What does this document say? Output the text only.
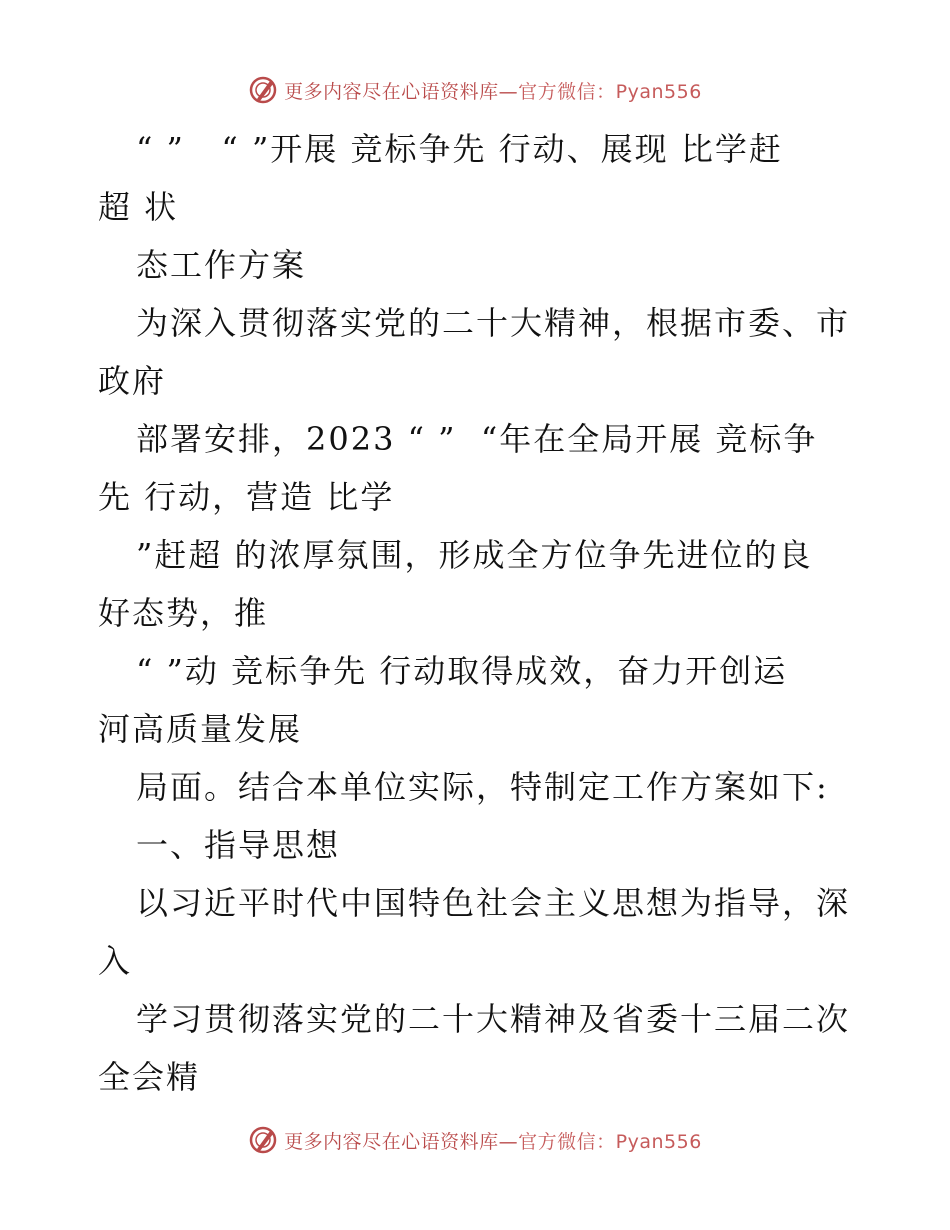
更多内容尽在心语资料库—官方微信：Pyan556
“ ”   “ ”开展 竞标争先 行动、展现 比学赶
超 状
态工作方案
为深入贯彻落实党的二十大精神，根据市委、市
政府
部署安排，2023 “ ”  “年在全局开展 竞标争
先 行动，营造 比学
”赶超 的浓厚氛围，形成全方位争先进位的良
好态势，推
“ ”动 竞标争先 行动取得成效，奋力开创运
河高质量发展
局面。结合本单位实际，特制定工作方案如下:
一、指导思想
以习近平时代中国特色社会主义思想为指导，深
入
学习贯彻落实党的二十大精神及省委十三届二次
全会精
更多内容尽在心语资料库—官方微信：Pyan556
